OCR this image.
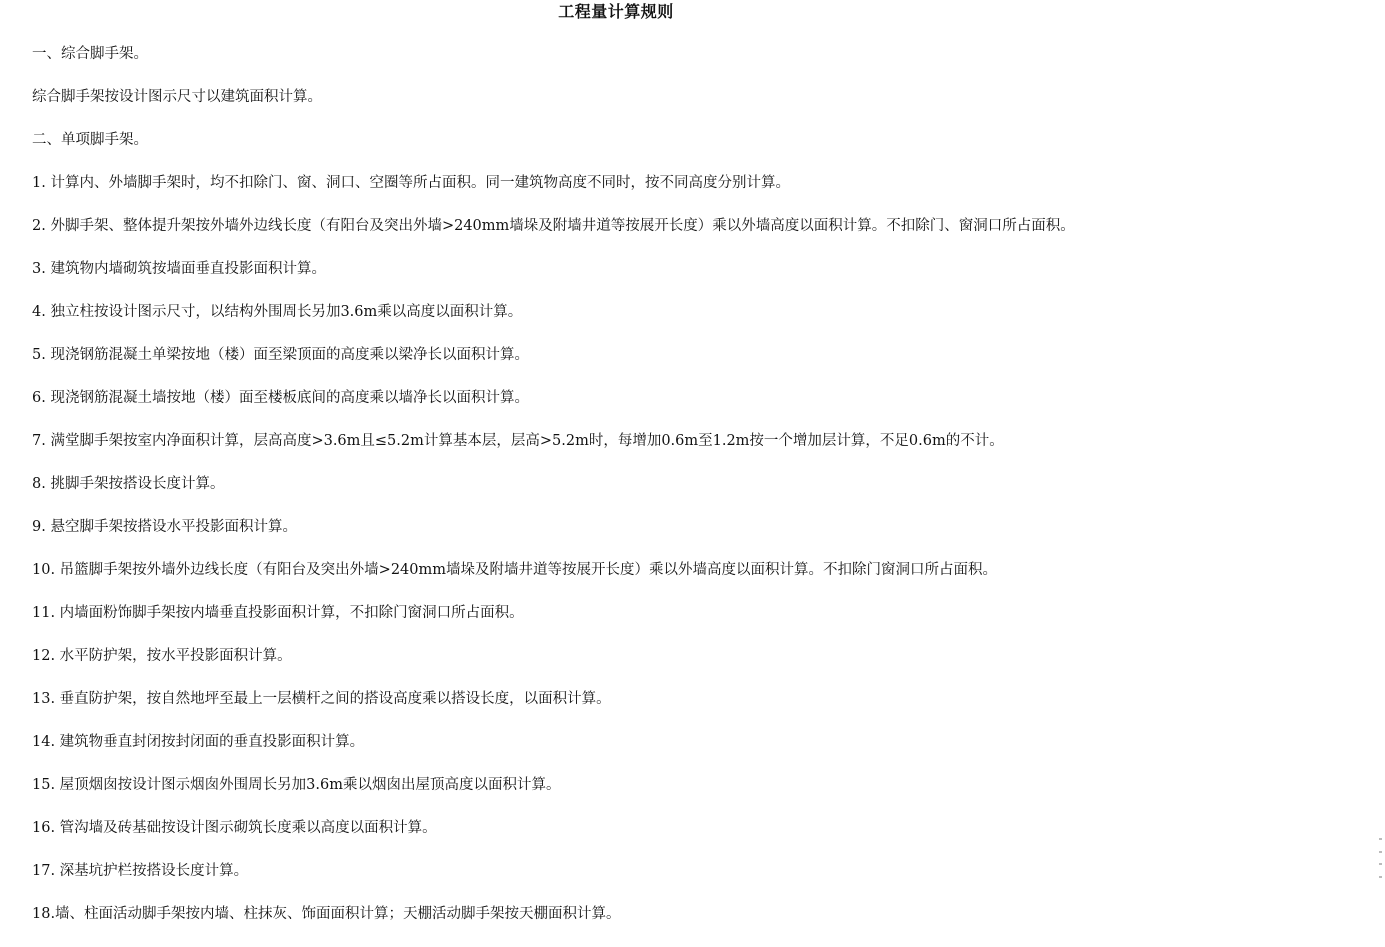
工程量计算规则
一、综合脚手架。
综合脚手架按设计图示尺寸以建筑面积计算。
二、单项脚手架。
1. 计算内、外墙脚手架时，均不扣除门、窗、洞口、空圈等所占面积。同一建筑物高度不同时，按不同高度分别计算。
2. 外脚手架、整体提升架按外墙外边线长度（有阳台及突出外墙>240mm墙垛及附墙井道等按展开长度）乘以外墙高度以面积计算。不扣除门、窗洞口所占面积。
3. 建筑物内墙砌筑按墙面垂直投影面积计算。
4. 独立柱按设计图示尺寸，以结构外围周长另加3.6m乘以高度以面积计算。
5. 现浇钢筋混凝土单梁按地（楼）面至梁顶面的高度乘以梁净长以面积计算。
6. 现浇钢筋混凝土墙按地（楼）面至楼板底间的高度乘以墙净长以面积计算。
7. 满堂脚手架按室内净面积计算，层高高度>3.6m且≤5.2m计算基本层，层高>5.2m时，每增加0.6m至1.2m按一个增加层计算，不足0.6m的不计。
8. 挑脚手架按搭设长度计算。
9. 悬空脚手架按搭设水平投影面积计算。
10. 吊篮脚手架按外墙外边线长度（有阳台及突出外墙>240mm墙垛及附墙井道等按展开长度）乘以外墙高度以面积计算。不扣除门窗洞口所占面积。
11. 内墙面粉饰脚手架按内墙垂直投影面积计算，不扣除门窗洞口所占面积。
12. 水平防护架，按水平投影面积计算。
13. 垂直防护架，按自然地坪至最上一层横杆之间的搭设高度乘以搭设长度，以面积计算。
14. 建筑物垂直封闭按封闭面的垂直投影面积计算。
15. 屋顶烟囱按设计图示烟囱外围周长另加3.6m乘以烟囱出屋顶高度以面积计算。
16. 管沟墙及砖基础按设计图示砌筑长度乘以高度以面积计算。
17. 深基坑护栏按搭设长度计算。
18.墙、柱面活动脚手架按内墙、柱抹灰、饰面面积计算；天棚活动脚手架按天棚面积计算。
